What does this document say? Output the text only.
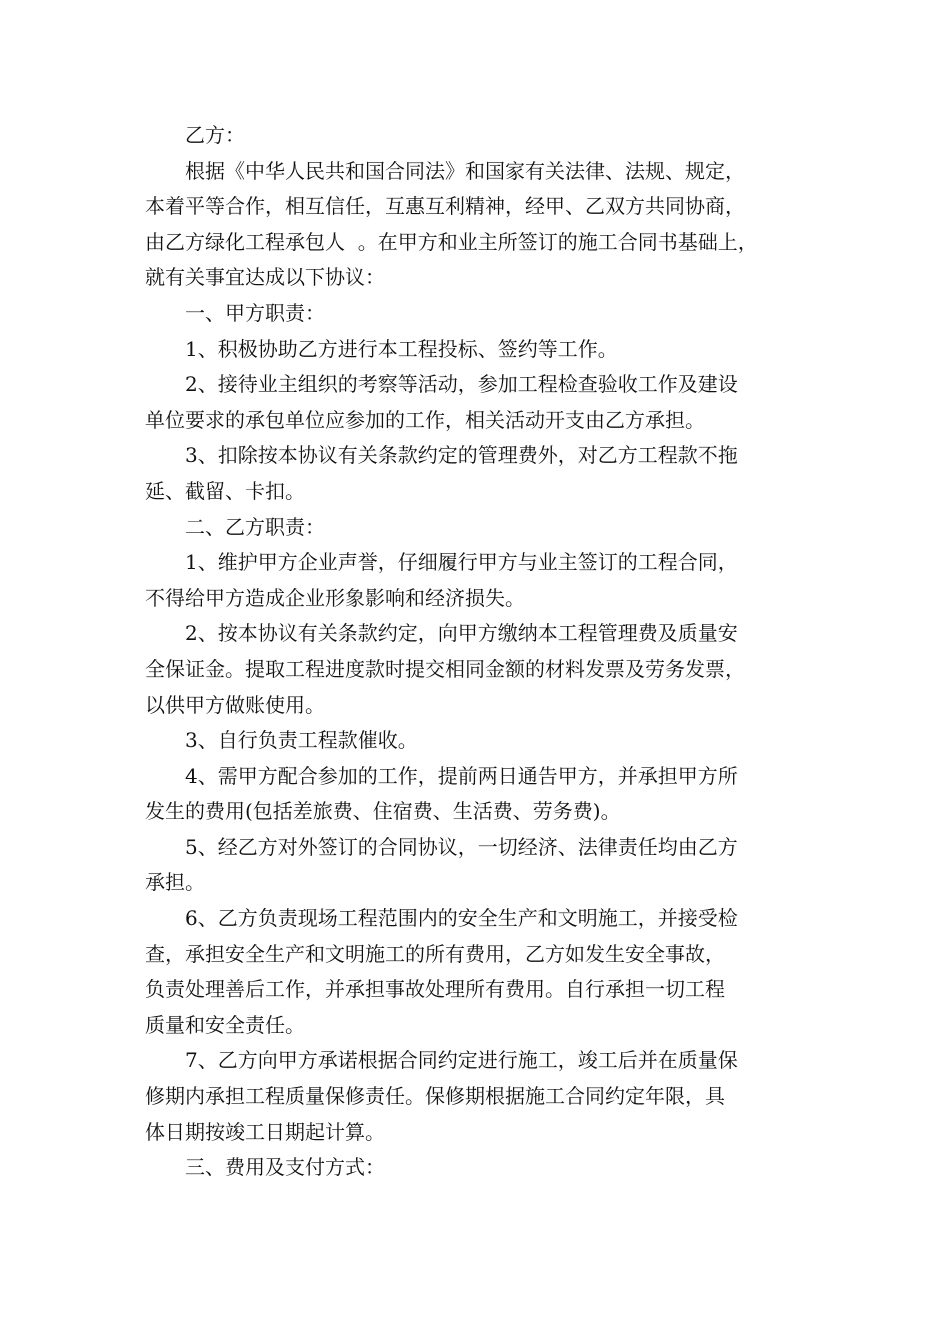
乙方：

根据《中华人民共和国合同法》和国家有关法律、法规、规定，
本着平等合作，相互信任，互惠互利精神，经甲、乙双方共同协商，
由乙方绿化工程承包人  。在甲方和业主所签订的施工合同书基础上，
就有关事宜达成以下协议：

一、甲方职责：

1、积极协助乙方进行本工程投标、签约等工作。

2、接待业主组织的考察等活动，参加工程检查验收工作及建设
单位要求的承包单位应参加的工作，相关活动开支由乙方承担。

3、扣除按本协议有关条款约定的管理费外，对乙方工程款不拖
延、截留、卡扣。

二、乙方职责：

1、维护甲方企业声誉，仔细履行甲方与业主签订的工程合同，
不得给甲方造成企业形象影响和经济损失。

2、按本协议有关条款约定，向甲方缴纳本工程管理费及质量安
全保证金。提取工程进度款时提交相同金额的材料发票及劳务发票，
以供甲方做账使用。

3、自行负责工程款催收。

4、需甲方配合参加的工作，提前两日通告甲方，并承担甲方所
发生的费用(包括差旅费、住宿费、生活费、劳务费)。

5、经乙方对外签订的合同协议，一切经济、法律责任均由乙方
承担。

6、乙方负责现场工程范围内的安全生产和文明施工，并接受检
查，承担安全生产和文明施工的所有费用，乙方如发生安全事故，
负责处理善后工作，并承担事故处理所有费用。自行承担一切工程
质量和安全责任。

7、乙方向甲方承诺根据合同约定进行施工，竣工后并在质量保
修期内承担工程质量保修责任。保修期根据施工合同约定年限，具
体日期按竣工日期起计算。

三、费用及支付方式：
